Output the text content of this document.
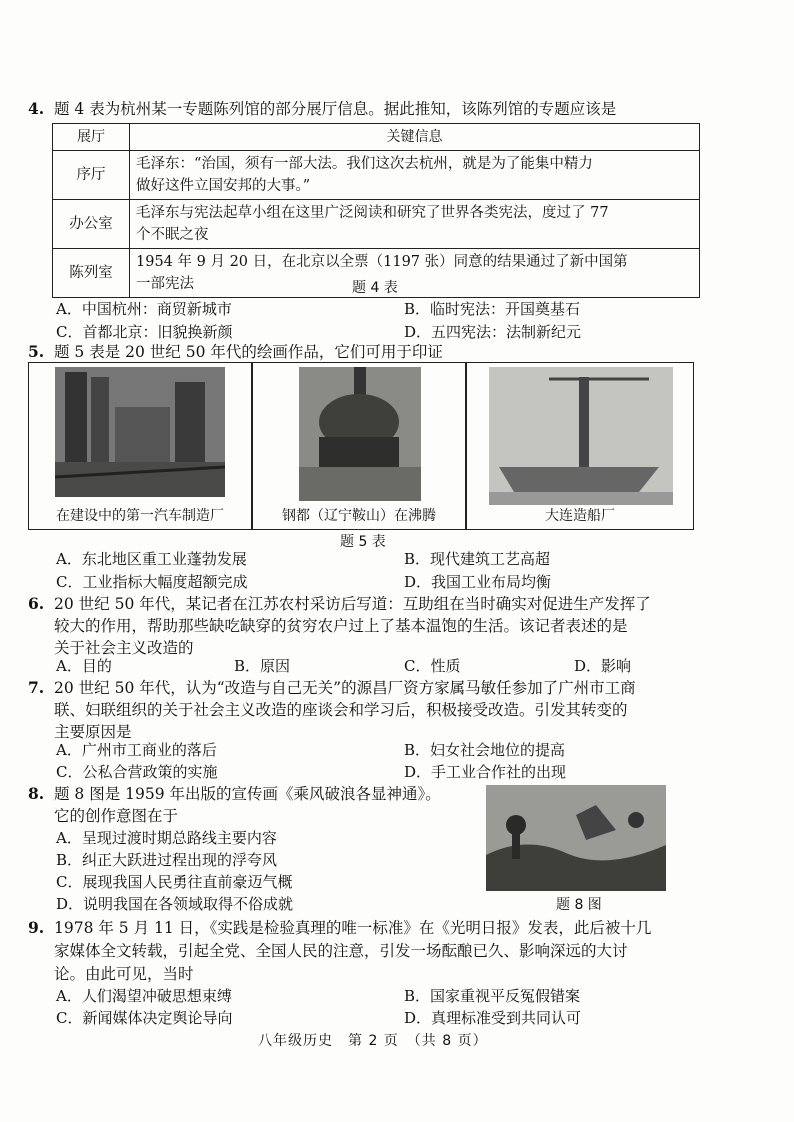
4. 题 4 表为杭州某一专题陈列馆的部分展厅信息。据此推知，该陈列馆的专题应该是
展厅	关键信息
序厅	毛泽东：“治国，须有一部大法。我们这次去杭州，就是为了能集中精力
做好这件立国安邦的大事。”
办公室	毛泽东与宪法起草小组在这里广泛阅读和研究了世界各类宪法，度过了 77
个不眠之夜
陈列室	1954 年 9 月 20 日，在北京以全票（1197 张）同意的结果通过了新中国第
一部宪法	题 4 表
A．中国杭州：商贸新城市	B．临时宪法：开国奠基石
C．首都北京：旧貌换新颜	D．五四宪法：法制新纪元
5. 题 5 表是 20 世纪 50 年代的绘画作品，它们可用于印证
在建设中的第一汽车制造厂	钢都（辽宁鞍山）在沸腾	大连造船厂
题 5 表
A．东北地区重工业蓬勃发展	B．现代建筑工艺高超
C．工业指标大幅度超额完成	D．我国工业布局均衡
6. 20 世纪 50 年代，某记者在江苏农村采访后写道：互助组在当时确实对促进生产发挥了
较大的作用，帮助那些缺吃缺穿的贫穷农户过上了基本温饱的生活。该记者表述的是
关于社会主义改造的
A．目的	B．原因	C．性质	D．影响
7. 20 世纪 50 年代，认为“改造与自己无关”的源昌厂资方家属马敏任参加了广州市工商
联、妇联组织的关于社会主义改造的座谈会和学习后，积极接受改造。引发其转变的
主要原因是
A．广州市工商业的落后	B．妇女社会地位的提高
C．公私合营政策的实施	D．手工业合作社的出现
8. 题 8 图是 1959 年出版的宣传画《乘风破浪各显神通》。
它的创作意图在于
A．呈现过渡时期总路线主要内容
B．纠正大跃进过程出现的浮夸风
C．展现我国人民勇往直前豪迈气概
D．说明我国在各领域取得不俗成就	题 8 图
9. 1978 年 5 月 11 日，《实践是检验真理的唯一标准》在《光明日报》发表，此后被十几
家媒体全文转载，引起全党、全国人民的注意，引发一场酝酿已久、影响深远的大讨
论。由此可见，当时
A．人们渴望冲破思想束缚	B．国家重视平反冤假错案
C．新闻媒体决定舆论导向	D．真理标准受到共同认可
八年级历史　第 2 页　（共 8 页）
